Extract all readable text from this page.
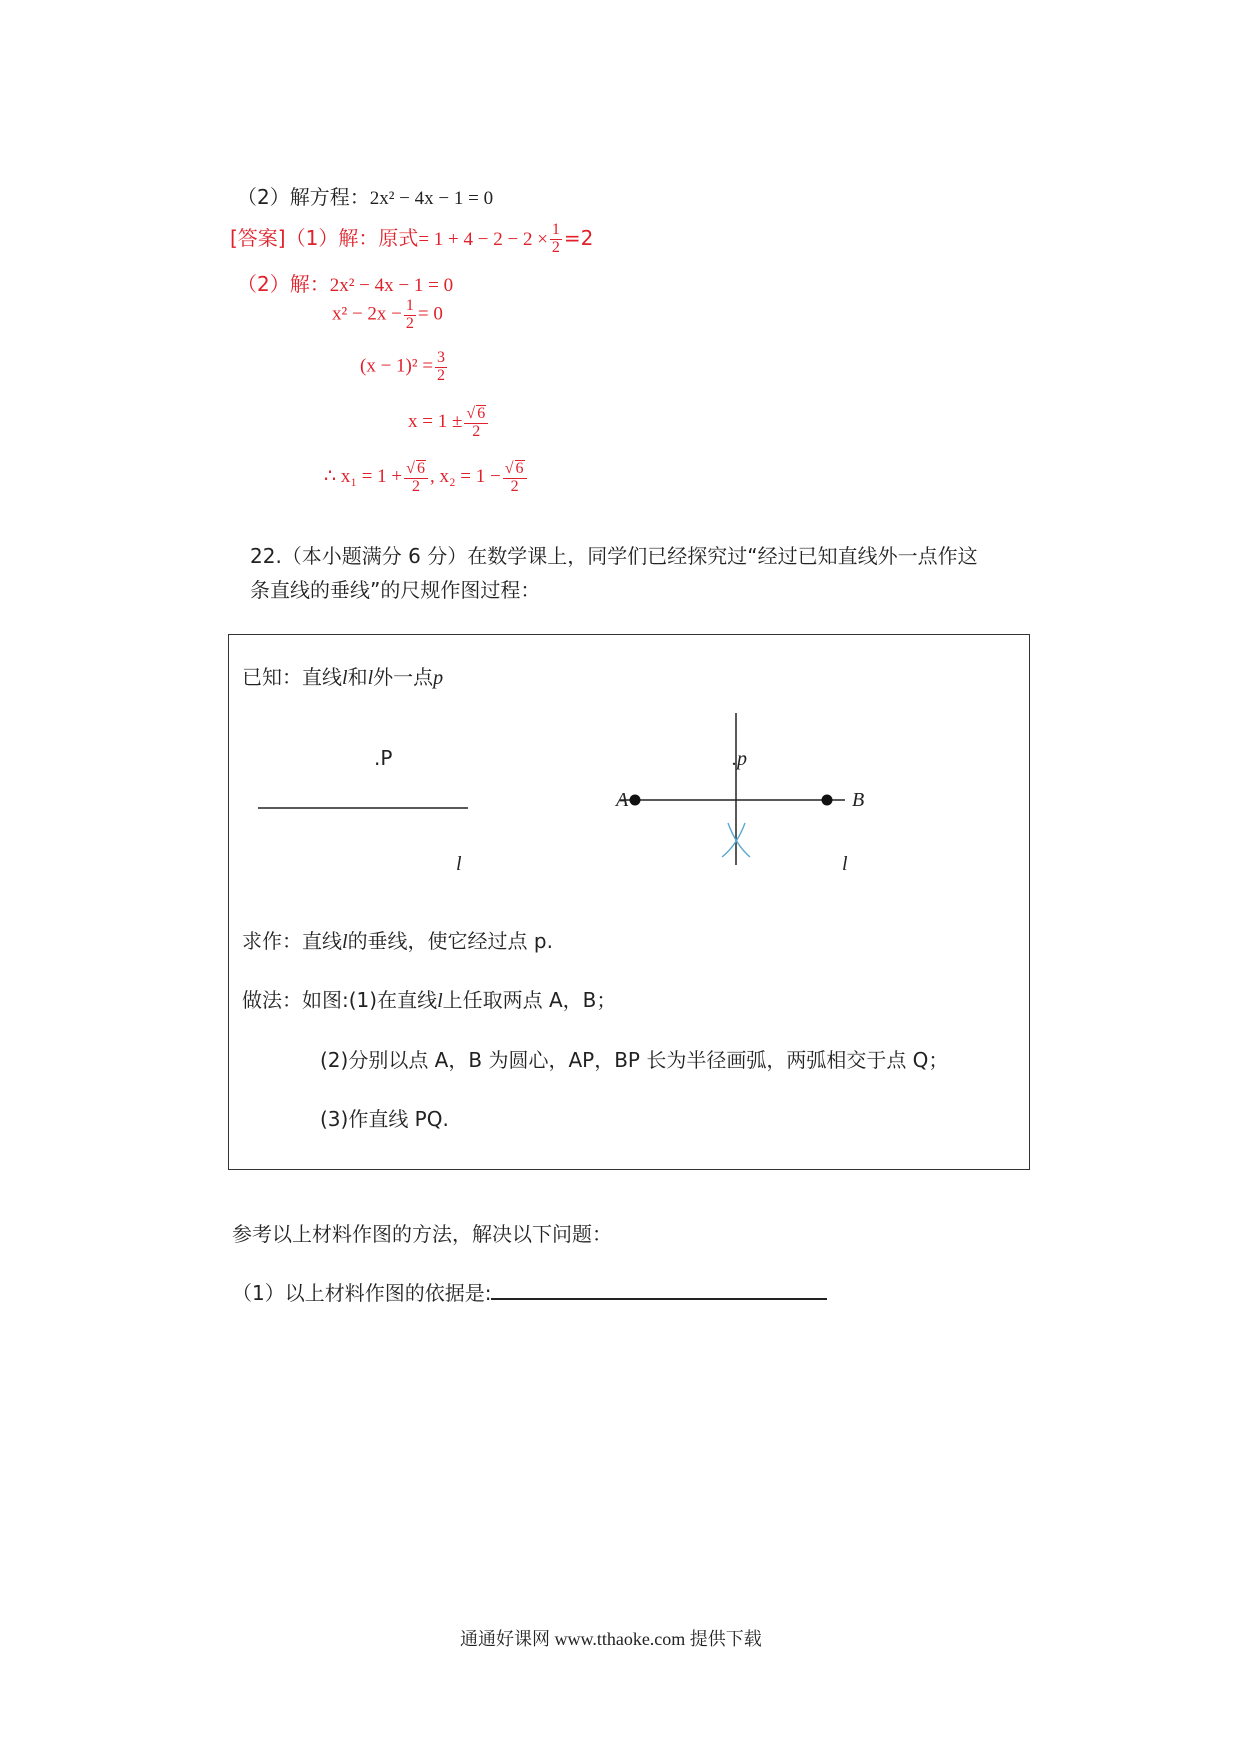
（2）解方程：2x² − 4x − 1 = 0
[答案]（1）解：原式= $1 + 4 - 2 - 2 \times \frac{1}{2} =2$
（2）解：2x² − 4x − 1 = 0
$x^2 - 2x - \frac{1}{2} = 0$
$(x - 1)^2 = \frac{3}{2}$
$x = 1 \pm \frac{√ 6}{2}$
∴ $x_1 = 1 + \frac{√ 6}{2}$ , $x_2 = 1 - \frac{√ 6}{2}$
22.（本小题满分 6 分）在数学课上，同学们已经探究过“经过已知直线外一点作这
条直线的垂线”的尺规作图过程：
已知：直线l和l外一点p
.P
l
.p
A	B
l
求作：直线l的垂线，使它经过点 p.
做法：如图:(1)在直线l上任取两点 A，B；
(2)分别以点 A，B 为圆心，AP，BP 长为半径画弧，两弧相交于点 Q；
(3)作直线 PQ.
参考以上材料作图的方法，解决以下问题：
（1）以上材料作图的依据是:
通通好课网 www.tthaoke.com 提供下载
